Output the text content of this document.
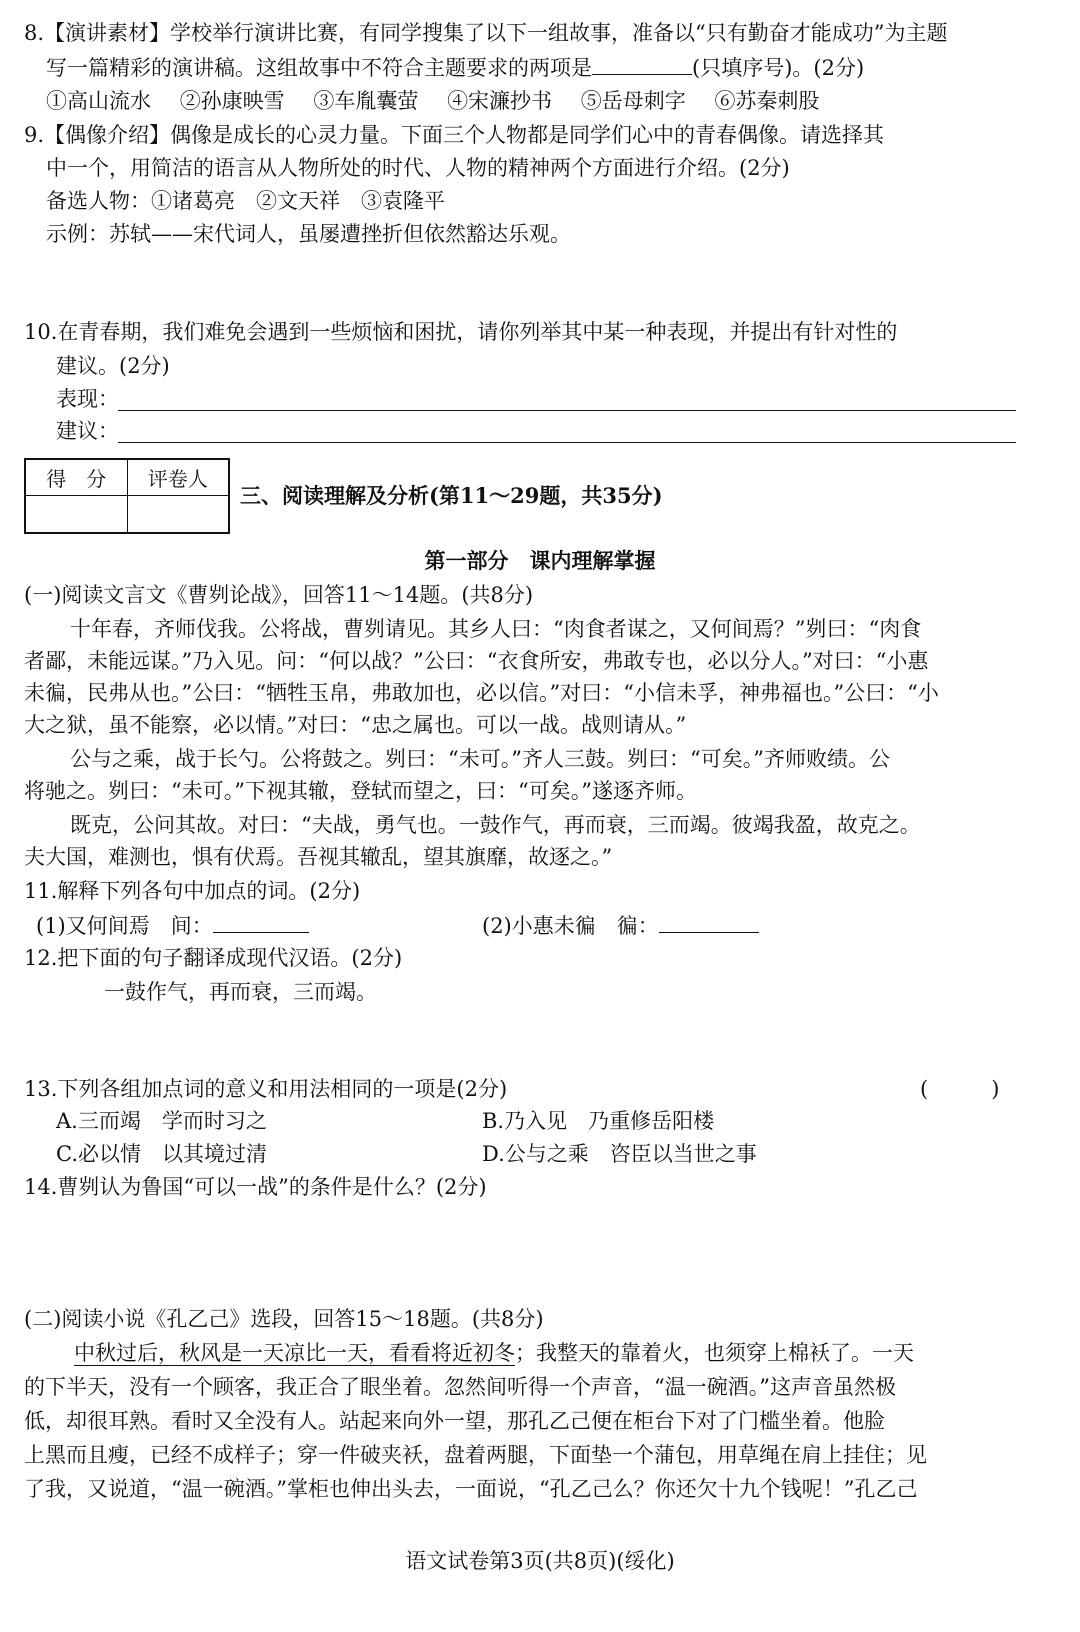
8.【演讲素材】学校举行演讲比赛，有同学搜集了以下一组故事，准备以“只有勤奋才能成功”为主题
写一篇精彩的演讲稿。这组故事中不符合主题要求的两项是	(只填序号)。(2分)
①高山流水 ②孙康映雪 ③车胤囊萤 ④宋濂抄书 ⑤岳母刺字 ⑥苏秦刺股
9.【偶像介绍】偶像是成长的心灵力量。下面三个人物都是同学们心中的青春偶像。请选择其
中一个，用简洁的语言从人物所处的时代、人物的精神两个方面进行介绍。(2分)
备选人物：①诸葛亮　②文天祥　③袁隆平
示例：苏轼——宋代词人，虽屡遭挫折但依然豁达乐观。
10.在青春期，我们难免会遇到一些烦恼和困扰，请你列举其中某一种表现，并提出有针对性的
建议。(2分)
表现：
建议：
得　分	评卷人

三、阅读理解及分析(第11～29题，共35分)
第一部分　课内理解掌握
(一)阅读文言文《曹刿论战》，回答11～14题。(共8分)
十年春，齐师伐我。公将战，曹刿请见。其乡人曰：“肉食者谋之，又何间焉？”刿曰：“肉食
者鄙，未能远谋。”乃入见。问：“何以战？”公曰：“衣食所安，弗敢专也，必以分人。”对曰：“小惠
未徧，民弗从也。”公曰：“牺牲玉帛，弗敢加也，必以信。”对曰：“小信未孚，神弗福也。”公曰：“小
大之狱，虽不能察，必以情。”对曰：“忠之属也。可以一战。战则请从。”
公与之乘，战于长勺。公将鼓之。刿曰：“未可。”齐人三鼓。刿曰：“可矣。”齐师败绩。公
将驰之。刿曰：“未可。”下视其辙，登轼而望之，曰：“可矣。”遂逐齐师。
既克，公问其故。对曰：“夫战，勇气也。一鼓作气，再而衰，三而竭。彼竭我盈，故克之。
夫大国，难测也，惧有伏焉。吾视其辙乱，望其旗靡，故逐之。”
11.解释下列各句中加点的词。(2分)
(1)又何间焉　间：	(2)小惠未徧　徧：
12.把下面的句子翻译成现代汉语。(2分)
一鼓作气，再而衰，三而竭。
13.下列各组加点词的意义和用法相同的一项是(2分)	(　　　)
A.三而竭　学而时习之	B.乃入见　乃重修岳阳楼
C.必以情　以其境过清	D.公与之乘　咨臣以当世之事
14.曹刿认为鲁国“可以一战”的条件是什么？(2分)
(二)阅读小说《孔乙己》选段，回答15～18题。(共8分)
中秋过后，秋风是一天凉比一天，看看将近初冬；我整天的靠着火，也须穿上棉袄了。一天
的下半天，没有一个顾客，我正合了眼坐着。忽然间听得一个声音，“温一碗酒。”这声音虽然极
低，却很耳熟。看时又全没有人。站起来向外一望，那孔乙己便在柜台下对了门槛坐着。他脸
上黑而且瘦，已经不成样子；穿一件破夹袄，盘着两腿，下面垫一个蒲包，用草绳在肩上挂住；见
了我，又说道，“温一碗酒。”掌柜也伸出头去，一面说，“孔乙己么？你还欠十九个钱呢！”孔乙己
语文试卷第3页(共8页)(绥化)
